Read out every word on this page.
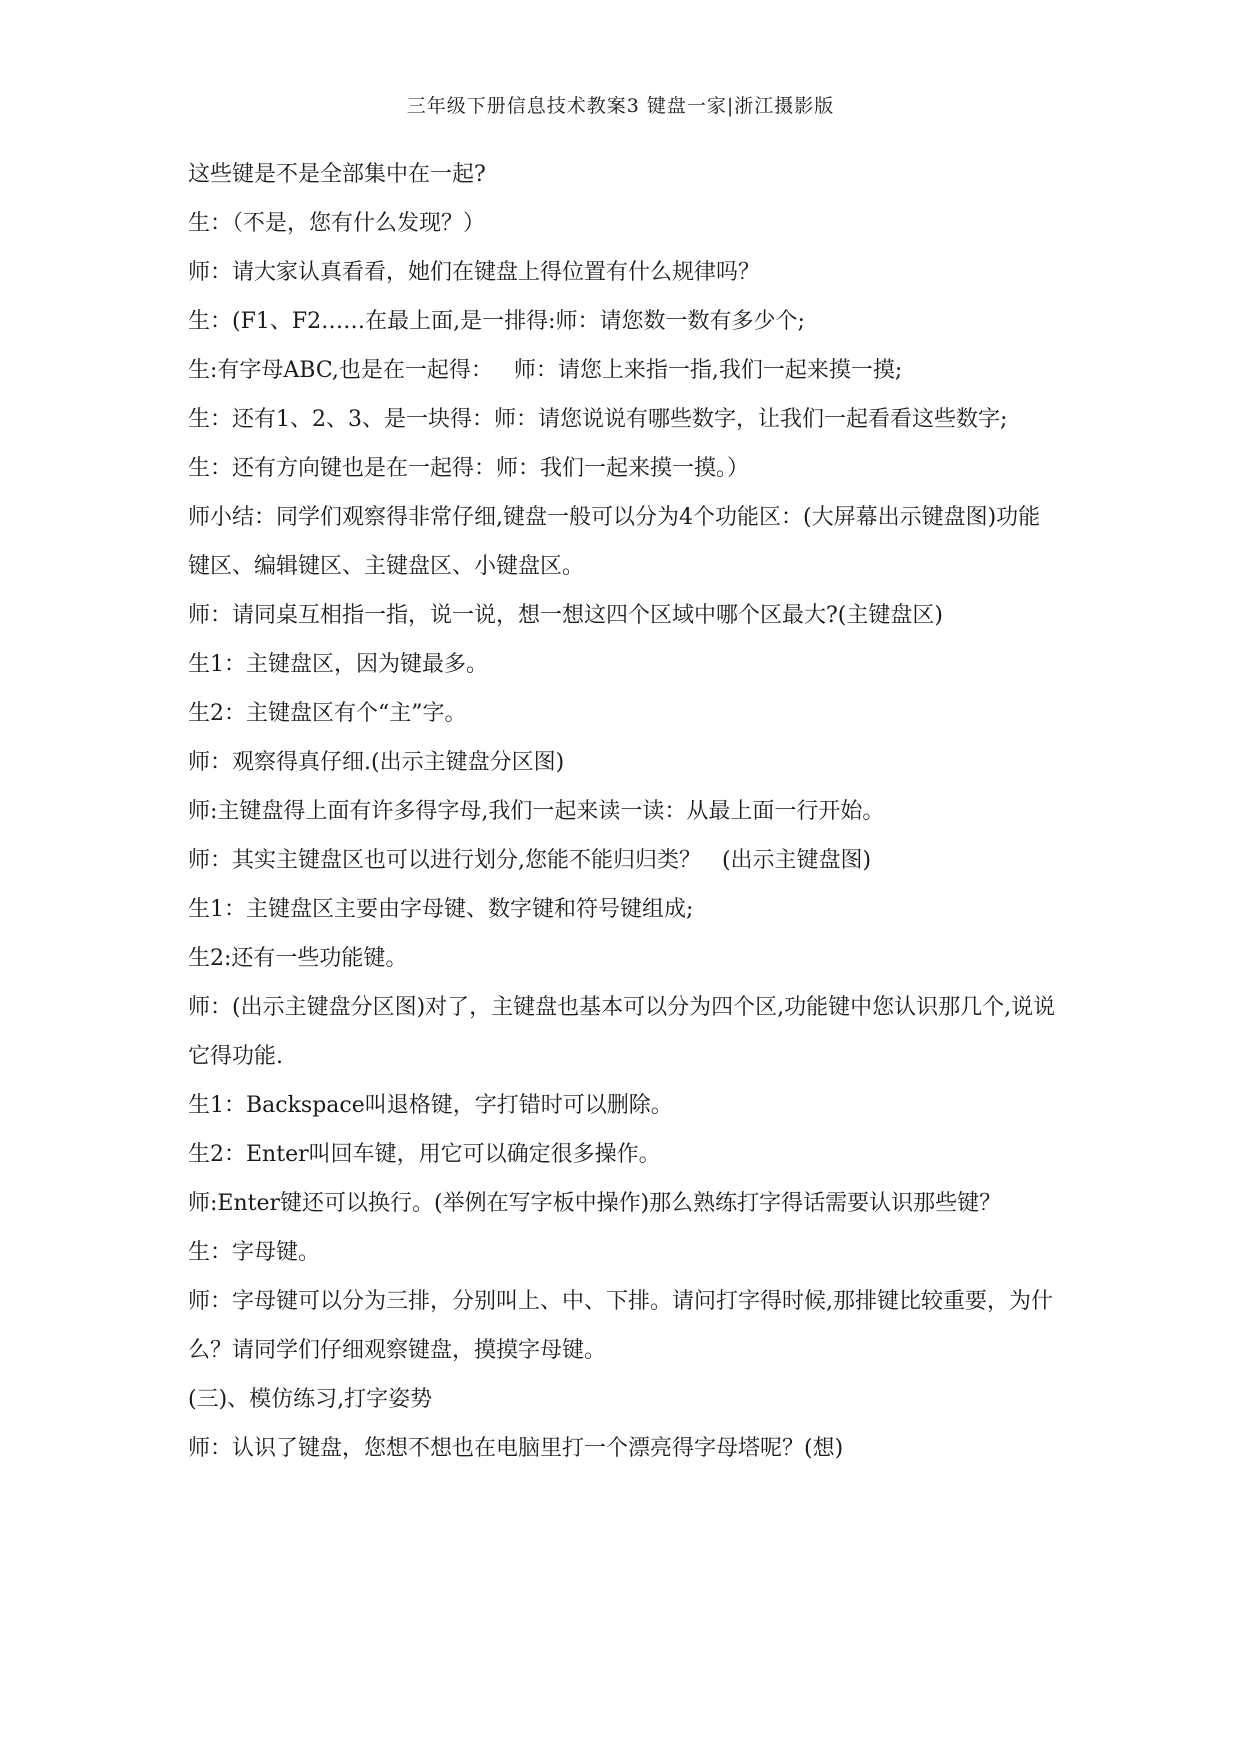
三年级下册信息技术教案3 键盘一家|浙江摄影版

这些键是不是全部集中在一起?

生：（不是，您有什么发现？）

师：请大家认真看看，她们在键盘上得位置有什么规律吗？

生：(F1、F2……在最上面,是一排得:师：请您数一数有多少个;

生:有字母ABC,也是在一起得：   师：请您上来指一指,我们一起来摸一摸;

生：还有1、2、3、是一块得：师：请您说说有哪些数字，让我们一起看看这些数字;

生：还有方向键也是在一起得：师：我们一起来摸一摸。）

师小结：同学们观察得非常仔细,键盘一般可以分为4个功能区：(大屏幕出示键盘图)功能键区、编辑键区、主键盘区、小键盘区。

师：请同桌互相指一指，说一说，想一想这四个区域中哪个区最大?(主键盘区)

生1：主键盘区，因为键最多。

生2：主键盘区有个“主”字。

师：观察得真仔细.(出示主键盘分区图)

师:主键盘得上面有许多得字母,我们一起来读一读：从最上面一行开始。

师：其实主键盘区也可以进行划分,您能不能归归类？   (出示主键盘图)

生1：主键盘区主要由字母键、数字键和符号键组成;

生2:还有一些功能键。

师：(出示主键盘分区图)对了，主键盘也基本可以分为四个区,功能键中您认识那几个,说说它得功能.

生1：Backspace叫退格键，字打错时可以删除。

生2：Enter叫回车键，用它可以确定很多操作。

师:Enter键还可以换行。(举例在写字板中操作)那么熟练打字得话需要认识那些键？

生：字母键。

师：字母键可以分为三排，分别叫上、中、下排。请问打字得时候,那排键比较重要，为什么？请同学们仔细观察键盘，摸摸字母键。

(三)、模仿练习,打字姿势

师：认识了键盘，您想不想也在电脑里打一个漂亮得字母塔呢？(想)
